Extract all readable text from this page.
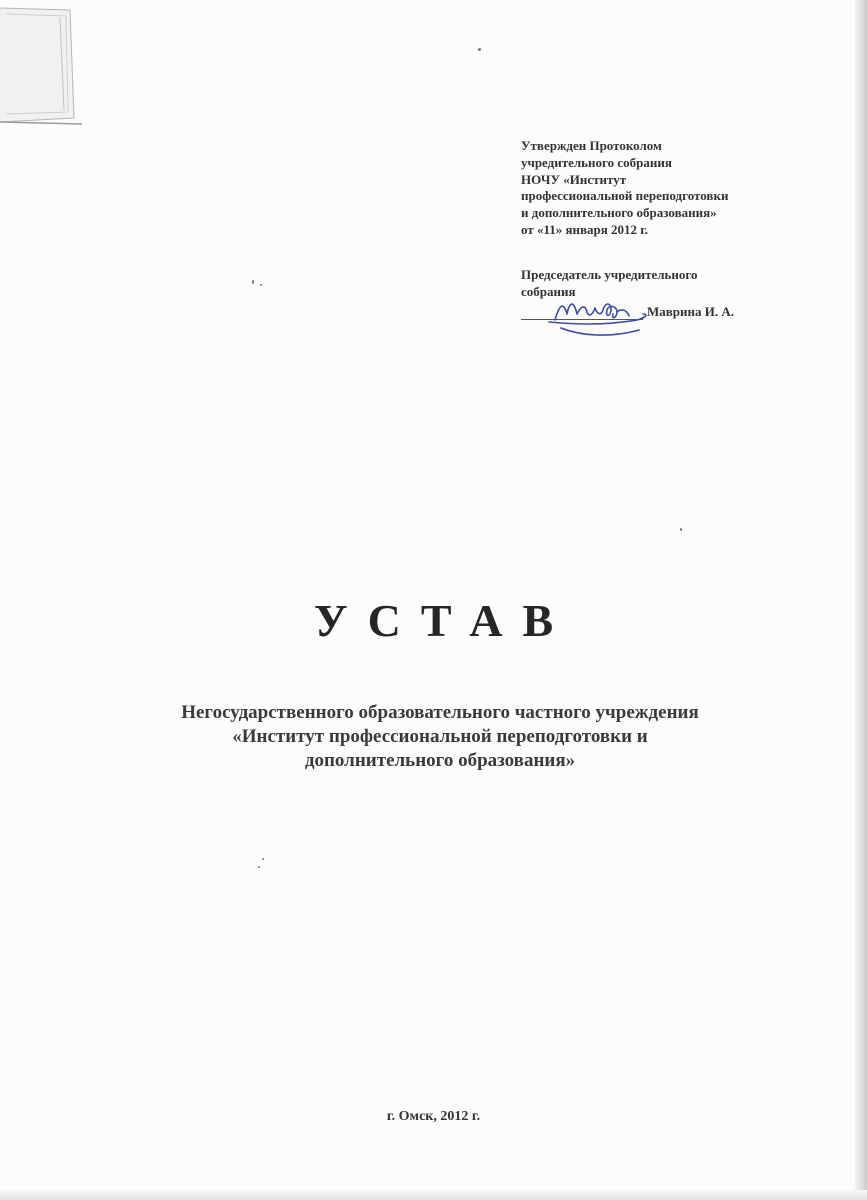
Утвержден Протоколом
учредительного собрания
НОЧУ «Институт
профессиональной переподготовки
и дополнительного образования»
от «11» января 2012 г.
Председатель учредительного
собрания
Маврина И. А.
УСТАВ
Негосударственного образовательного частного учреждения
«Институт профессиональной переподготовки и
дополнительного образования»
г. Омск, 2012 г.
